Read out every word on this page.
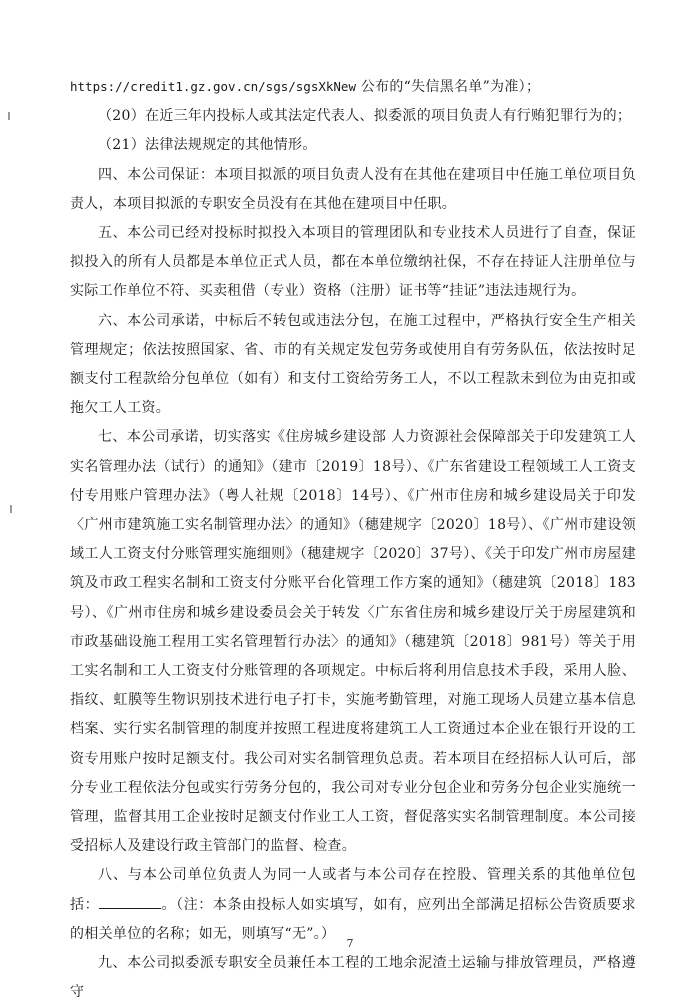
https://credit1.gz.gov.cn/sgs/sgsXkNew 公布的“失信黑名单”为准）；

（20）在近三年内投标人或其法定代表人、拟委派的项目负责人有行贿犯罪行为的；

（21）法律法规规定的其他情形。

四、本公司保证：本项目拟派的项目负责人没有在其他在建项目中任施工单位项目负责人，本项目拟派的专职安全员没有在其他在建项目中任职。

五、本公司已经对投标时拟投入本项目的管理团队和专业技术人员进行了自查，保证拟投入的所有人员都是本单位正式人员，都在本单位缴纳社保，不存在持证人注册单位与实际工作单位不符、买卖租借（专业）资格（注册）证书等“挂证”违法违规行为。

六、本公司承诺，中标后不转包或违法分包，在施工过程中，严格执行安全生产相关管理规定；依法按照国家、省、市的有关规定发包劳务或使用自有劳务队伍，依法按时足额支付工程款给分包单位（如有）和支付工资给劳务工人，不以工程款未到位为由克扣或拖欠工人工资。

七、本公司承诺，切实落实《住房城乡建设部 人力资源社会保障部关于印发建筑工人实名管理办法（试行）的通知》（建市〔2019〕18号）、《广东省建设工程领域工人工资支付专用账户管理办法》（粤人社规〔2018〕14号）、《广州市住房和城乡建设局关于印发〈广州市建筑施工实名制管理办法〉的通知》（穗建规字〔2020〕18号）、《广州市建设领域工人工资支付分账管理实施细则》（穗建规字〔2020〕37号）、《关于印发广州市房屋建筑及市政工程实名制和工资支付分账平台化管理工作方案的通知》（穗建筑〔2018〕183号）、《广州市住房和城乡建设委员会关于转发〈广东省住房和城乡建设厅关于房屋建筑和市政基础设施工程用工实名管理暂行办法〉的通知》（穗建筑〔2018〕981号）等关于用工实名制和工人工资支付分账管理的各项规定。中标后将利用信息技术手段，采用人脸、指纹、虹膜等生物识别技术进行电子打卡，实施考勤管理，对施工现场人员建立基本信息档案、实行实名制管理的制度并按照工程进度将建筑工人工资通过本企业在银行开设的工资专用账户按时足额支付。我公司对实名制管理负总责。若本项目在经招标人认可后，部分专业工程依法分包或实行劳务分包的，我公司对专业分包企业和劳务分包企业实施统一管理，监督其用工企业按时足额支付作业工人工资，督促落实实名制管理制度。本公司接受招标人及建设行政主管部门的监督、检查。

八、与本公司单位负责人为同一人或者与本公司存在控股、管理关系的其他单位包括：	。（注：本条由投标人如实填写，如有，应列出全部满足招标公告资质要求的相关单位的名称；如无，则填写“无”。）

九、本公司拟委派专职安全员兼任本工程的工地余泥渣土运输与排放管理员，严格遵守

7
